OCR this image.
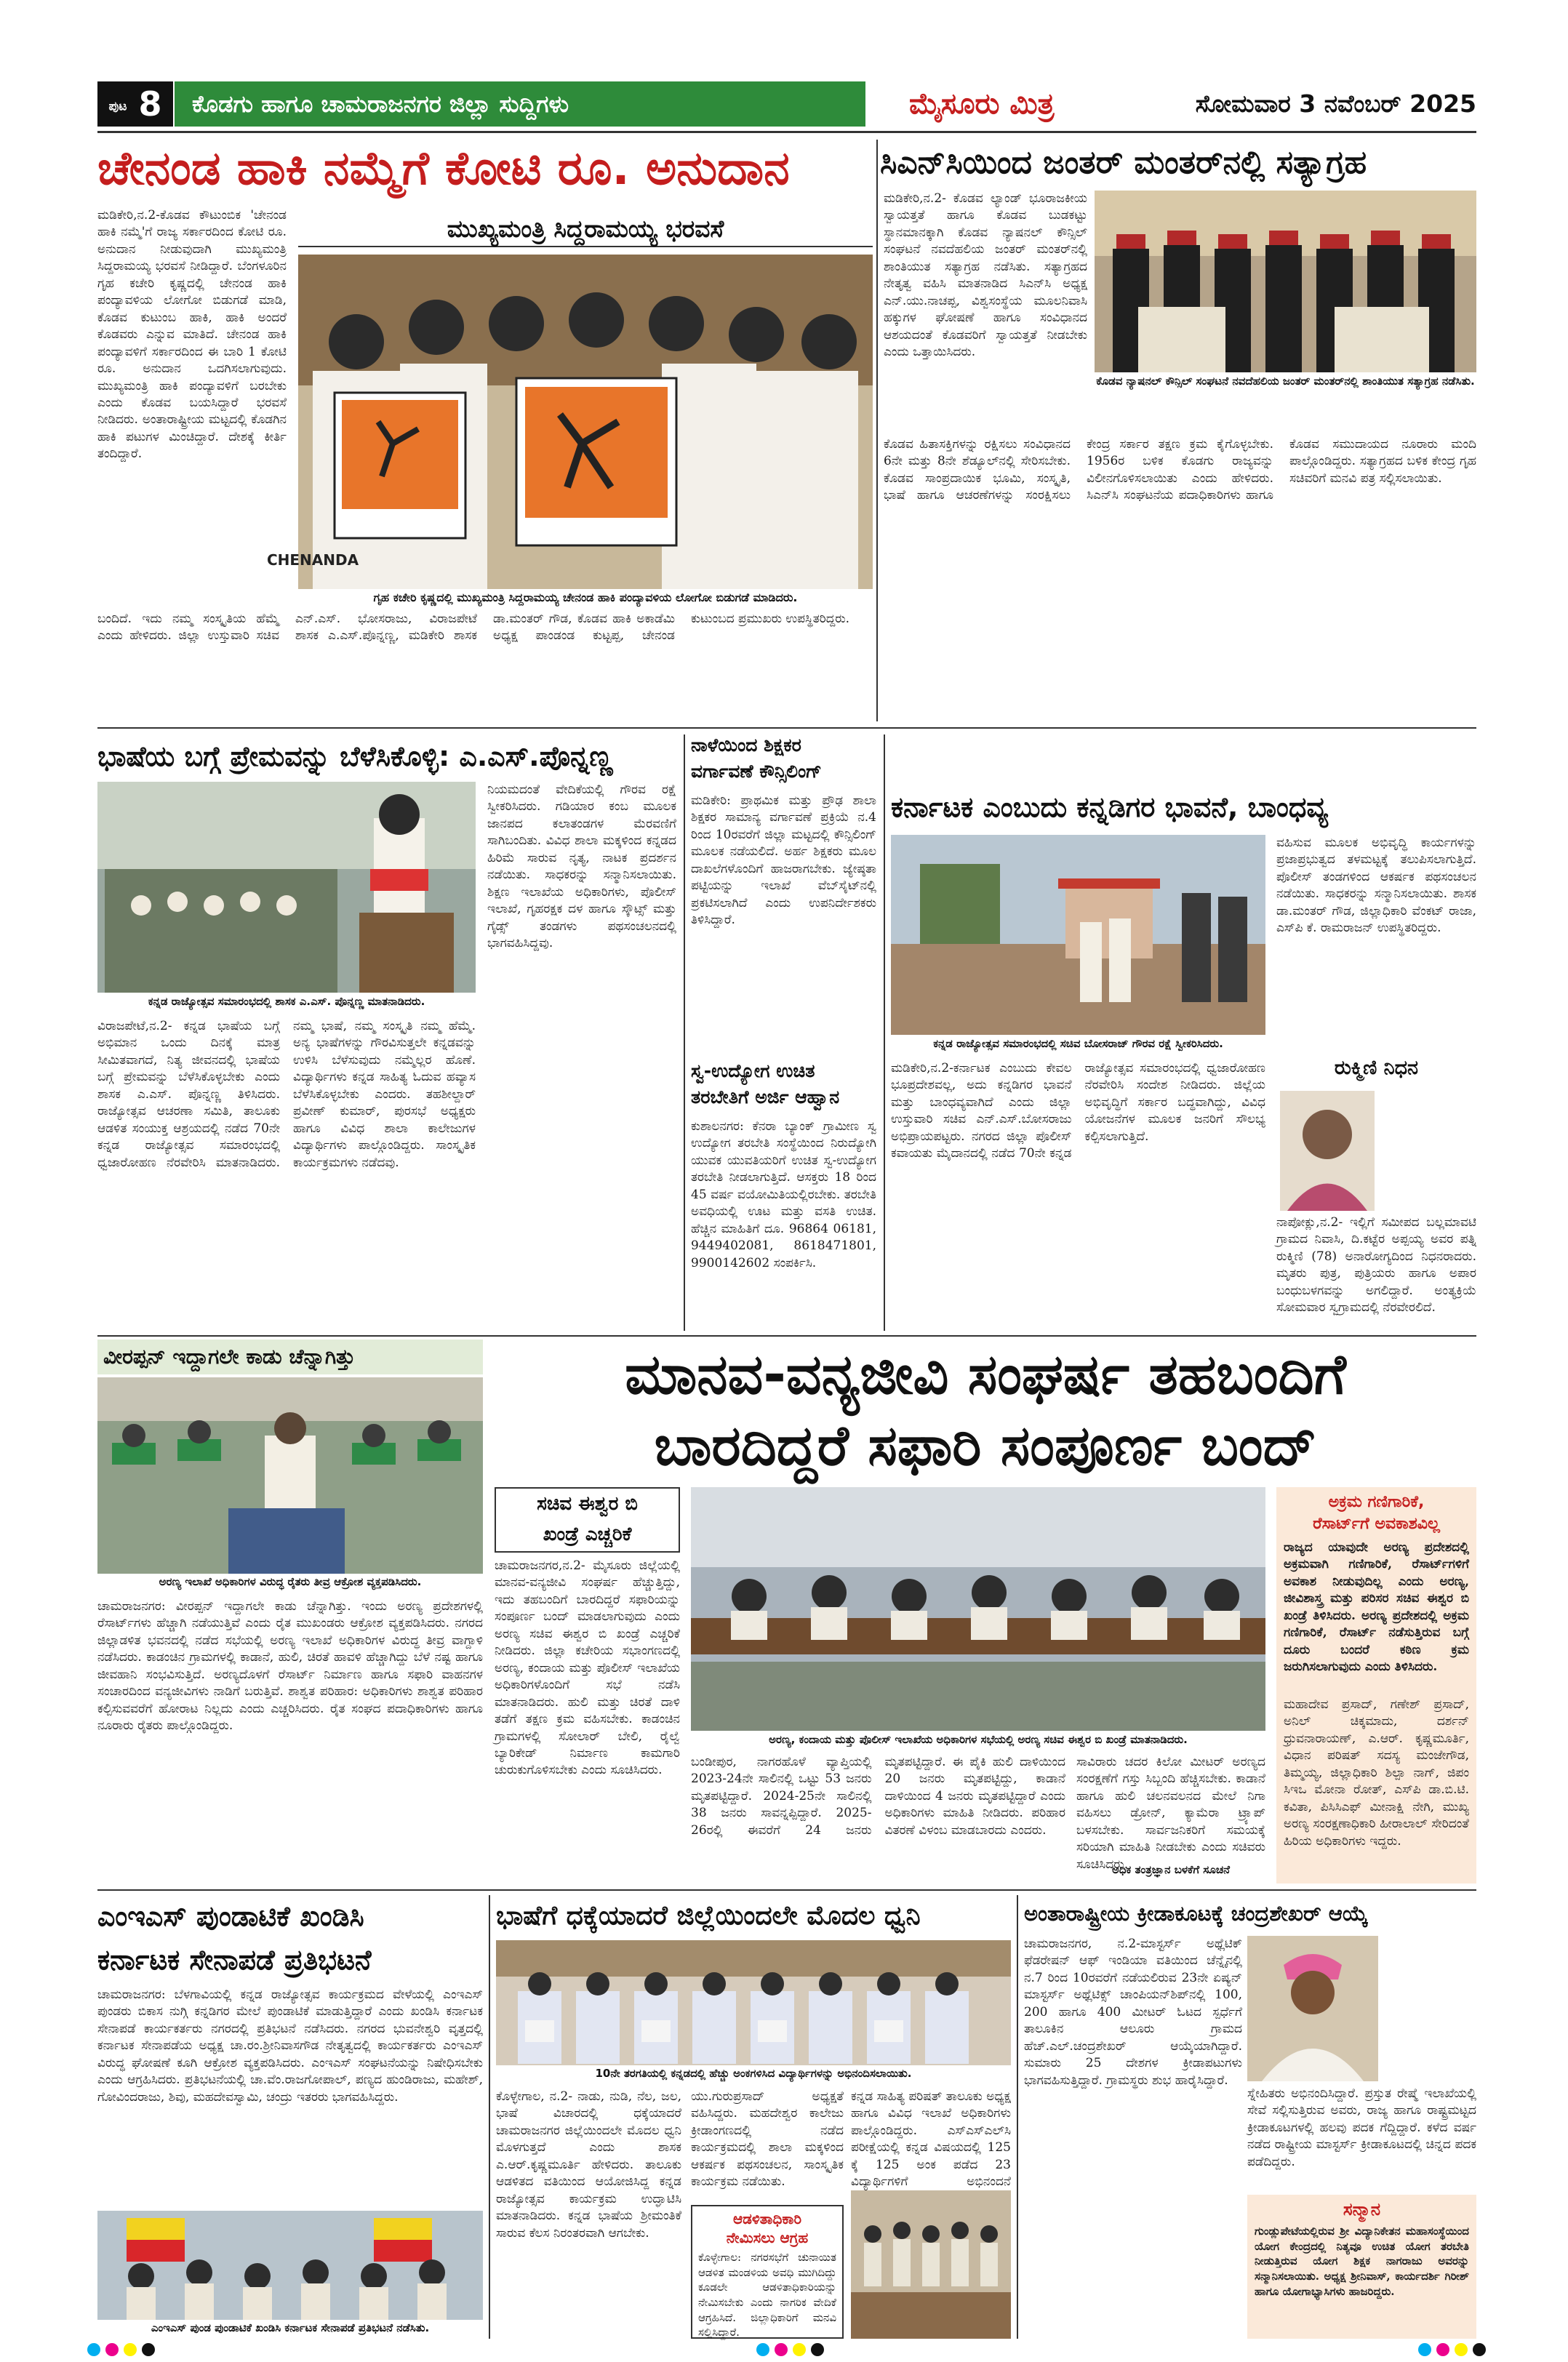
ಪುಟ 8	ಕೊಡಗು ಹಾಗೂ ಚಾಮರಾಜನಗರ ಜಿಲ್ಲಾ ಸುದ್ದಿಗಳು	ಮೈಸೂರು ಮಿತ್ರ	ಸೋಮವಾರ 3 ನವೆಂಬರ್ 2025
ಚೇನಂಡ ಹಾಕಿ ನಮ್ಮೆಗೆ ಕೋಟಿ ರೂ. ಅನುದಾನ
ಮಡಿಕೇರಿ,ನ.2-ಕೊಡವ ಕೌಟುಂಬಿಕ 'ಚೇನಂಡ ಹಾಕಿ ನಮ್ಮೆ'ಗೆ ರಾಜ್ಯ ಸರ್ಕಾರದಿಂದ ಕೋಟಿ ರೂ. ಅನುದಾನ ನೀಡುವುದಾಗಿ ಮುಖ್ಯಮಂತ್ರಿ ಸಿದ್ದರಾಮಯ್ಯ ಭರವಸೆ ನೀಡಿದ್ದಾರೆ. ಬೆಂಗಳೂರಿನ ಗೃಹ ಕಚೇರಿ ಕೃಷ್ಣದಲ್ಲಿ ಚೇನಂಡ ಹಾಕಿ ಪಂದ್ಯಾವಳಿಯ ಲೋಗೋ ಬಿಡುಗಡೆ ಮಾಡಿ, ಕೊಡವ ಕುಟುಂಬ ಹಾಕಿ, ಹಾಕಿ ಅಂದರೆ ಕೊಡವರು ಎನ್ನುವ ಮಾತಿದೆ. ಚೇನಂಡ ಹಾಕಿ ಪಂದ್ಯಾವಳಿಗೆ ಸರ್ಕಾರದಿಂದ ಈ ಬಾರಿ 1 ಕೋಟಿ ರೂ. ಅನುದಾನ ಒದಗಿಸಲಾಗುವುದು. ಮುಖ್ಯಮಂತ್ರಿ ಹಾಕಿ ಪಂದ್ಯಾವಳಿಗೆ ಬರಬೇಕು ಎಂದು ಕೊಡವ ಬಯಸಿದ್ದಾರೆ ಭರವಸೆ ನೀಡಿದರು. ಅಂತಾರಾಷ್ಟ್ರೀಯ ಮಟ್ಟದಲ್ಲಿ ಕೊಡಗಿನ ಹಾಕಿ ಪಟುಗಳ ಮಿಂಚಿದ್ದಾರೆ. ದೇಶಕ್ಕೆ ಕೀರ್ತಿ ತಂದಿದ್ದಾರೆ.
ಮುಖ್ಯಮಂತ್ರಿ ಸಿದ್ದರಾಮಯ್ಯ ಭರವಸೆ
CHENANDA
ಗೃಹ ಕಚೇರಿ ಕೃಷ್ಣದಲ್ಲಿ ಮುಖ್ಯಮಂತ್ರಿ ಸಿದ್ದರಾಮಯ್ಯ ಚೇನಂಡ ಹಾಕಿ ಪಂದ್ಯಾವಳಿಯ ಲೋಗೋ ಬಿಡುಗಡೆ ಮಾಡಿದರು.
ಬಂದಿದೆ. ಇದು ನಮ್ಮ ಸಂಸ್ಕೃತಿಯ ಹೆಮ್ಮೆ ಎಂದು ಹೇಳಿದರು. ಜಿಲ್ಲಾ ಉಸ್ತುವಾರಿ ಸಚಿವ ಎನ್.ಎಸ್. ಭೋಸರಾಜು, ವಿರಾಜಪೇಟೆ ಶಾಸಕ ಎ.ಎಸ್.ಪೊನ್ನಣ್ಣ, ಮಡಿಕೇರಿ ಶಾಸಕ ಡಾ.ಮಂತರ್ ಗೌಡ, ಕೊಡವ ಹಾಕಿ ಅಕಾಡೆಮಿ ಅಧ್ಯಕ್ಷ ಪಾಂಡಂಡ ಕುಟ್ಟಪ್ಪ, ಚೇನಂಡ ಕುಟುಂಬದ ಪ್ರಮುಖರು ಉಪಸ್ಥಿತರಿದ್ದರು.
ಸಿಎನ್‌ಸಿಯಿಂದ ಜಂತರ್ ಮಂತರ್‌ನಲ್ಲಿ ಸತ್ಯಾಗ್ರಹ
ಮಡಿಕೇರಿ,ನ.2- ಕೊಡವ ಲ್ಯಾಂಡ್ ಭೂರಾಜಕೀಯ ಸ್ವಾಯತ್ತತೆ ಹಾಗೂ ಕೊಡವ ಬುಡಕಟ್ಟು ಸ್ಥಾನಮಾನಕ್ಕಾಗಿ ಕೊಡವ ನ್ಯಾಷನಲ್ ಕೌನ್ಸಿಲ್ ಸಂಘಟನೆ ನವದೆಹಲಿಯ ಜಂತರ್ ಮಂತರ್‌ನಲ್ಲಿ ಶಾಂತಿಯುತ ಸತ್ಯಾಗ್ರಹ ನಡೆಸಿತು. ಸತ್ಯಾಗ್ರಹದ ನೇತೃತ್ವ ವಹಿಸಿ ಮಾತನಾಡಿದ ಸಿಎನ್‌ಸಿ ಅಧ್ಯಕ್ಷ ಎನ್.ಯು.ನಾಚಪ್ಪ, ವಿಶ್ವಸಂಸ್ಥೆಯ ಮೂಲನಿವಾಸಿ ಹಕ್ಕುಗಳ ಘೋಷಣೆ ಹಾಗೂ ಸಂವಿಧಾನದ ಆಶಯದಂತೆ ಕೊಡವರಿಗೆ ಸ್ವಾಯತ್ತತೆ ನೀಡಬೇಕು ಎಂದು ಒತ್ತಾಯಿಸಿದರು.
ಕೊಡವ ನ್ಯಾಷನಲ್ ಕೌನ್ಸಿಲ್ ಸಂಘಟನೆ ನವದೆಹಲಿಯ ಜಂತರ್ ಮಂತರ್‌ನಲ್ಲಿ ಶಾಂತಿಯುತ ಸತ್ಯಾಗ್ರಹ ನಡೆಸಿತು.
ಕೊಡವ ಹಿತಾಸಕ್ತಿಗಳನ್ನು ರಕ್ಷಿಸಲು ಸಂವಿಧಾನದ 6ನೇ ಮತ್ತು 8ನೇ ಶೆಡ್ಯೂಲ್‌ನಲ್ಲಿ ಸೇರಿಸಬೇಕು. ಕೊಡವ ಸಾಂಪ್ರದಾಯಿಕ ಭೂಮಿ, ಸಂಸ್ಕೃತಿ, ಭಾಷೆ ಹಾಗೂ ಆಚರಣೆಗಳನ್ನು ಸಂರಕ್ಷಿಸಲು ಕೇಂದ್ರ ಸರ್ಕಾರ ತಕ್ಷಣ ಕ್ರಮ ಕೈಗೊಳ್ಳಬೇಕು. 1956ರ ಬಳಿಕ ಕೊಡಗು ರಾಜ್ಯವನ್ನು ವಿಲೀನಗೊಳಿಸಲಾಯಿತು ಎಂದು ಹೇಳಿದರು. ಸಿಎನ್‌ಸಿ ಸಂಘಟನೆಯ ಪದಾಧಿಕಾರಿಗಳು ಹಾಗೂ ಕೊಡವ ಸಮುದಾಯದ ನೂರಾರು ಮಂದಿ ಪಾಲ್ಗೊಂಡಿದ್ದರು. ಸತ್ಯಾಗ್ರಹದ ಬಳಿಕ ಕೇಂದ್ರ ಗೃಹ ಸಚಿವರಿಗೆ ಮನವಿ ಪತ್ರ ಸಲ್ಲಿಸಲಾಯಿತು.
ಭಾಷೆಯ ಬಗ್ಗೆ ಪ್ರೇಮವನ್ನು ಬೆಳೆಸಿಕೊಳ್ಳಿ: ಎ.ಎಸ್.ಪೊನ್ನಣ್ಣ
ಕನ್ನಡ ರಾಜ್ಯೋತ್ಸವ ಸಮಾರಂಭದಲ್ಲಿ ಶಾಸಕ ಎ.ಎಸ್. ಪೊನ್ನಣ್ಣ ಮಾತನಾಡಿದರು.
ವಿರಾಜಪೇಟೆ,ನ.2- ಕನ್ನಡ ಭಾಷೆಯ ಬಗ್ಗೆ ಅಭಿಮಾನ ಒಂದು ದಿನಕ್ಕೆ ಮಾತ್ರ ಸೀಮಿತವಾಗದೆ, ನಿತ್ಯ ಜೀವನದಲ್ಲಿ ಭಾಷೆಯ ಬಗ್ಗೆ ಪ್ರೇಮವನ್ನು ಬೆಳೆಸಿಕೊಳ್ಳಬೇಕು ಎಂದು ಶಾಸಕ ಎ.ಎಸ್. ಪೊನ್ನಣ್ಣ ತಿಳಿಸಿದರು. ರಾಜ್ಯೋತ್ಸವ ಆಚರಣಾ ಸಮಿತಿ, ತಾಲೂಕು ಆಡಳಿತ ಸಂಯುಕ್ತ ಆಶ್ರಯದಲ್ಲಿ ನಡೆದ 70ನೇ ಕನ್ನಡ ರಾಜ್ಯೋತ್ಸವ ಸಮಾರಂಭದಲ್ಲಿ ಧ್ವಜಾರೋಹಣ ನೆರವೇರಿಸಿ ಮಾತನಾಡಿದರು. ನಮ್ಮ ಭಾಷೆ, ನಮ್ಮ ಸಂಸ್ಕೃತಿ ನಮ್ಮ ಹೆಮ್ಮೆ. ಅನ್ಯ ಭಾಷೆಗಳನ್ನು ಗೌರವಿಸುತ್ತಲೇ ಕನ್ನಡವನ್ನು ಉಳಿಸಿ ಬೆಳೆಸುವುದು ನಮ್ಮೆಲ್ಲರ ಹೊಣೆ. ವಿದ್ಯಾರ್ಥಿಗಳು ಕನ್ನಡ ಸಾಹಿತ್ಯ ಓದುವ ಹವ್ಯಾಸ ಬೆಳೆಸಿಕೊಳ್ಳಬೇಕು ಎಂದರು. ತಹಶೀಲ್ದಾರ್ ಪ್ರವೀಣ್ ಕುಮಾರ್, ಪುರಸಭೆ ಅಧ್ಯಕ್ಷರು ಹಾಗೂ ವಿವಿಧ ಶಾಲಾ ಕಾಲೇಜುಗಳ ವಿದ್ಯಾರ್ಥಿಗಳು ಪಾಲ್ಗೊಂಡಿದ್ದರು. ಸಾಂಸ್ಕೃತಿಕ ಕಾರ್ಯಕ್ರಮಗಳು ನಡೆದವು.
ನಿಯಮದಂತೆ ವೇದಿಕೆಯಲ್ಲಿ ಗೌರವ ರಕ್ಷೆ ಸ್ವೀಕರಿಸಿದರು. ಗಡಿಯಾರ ಕಂಬ ಮೂಲಕ ಜಾನಪದ ಕಲಾತಂಡಗಳ ಮೆರವಣಿಗೆ ಸಾಗಿಬಂದಿತು. ವಿವಿಧ ಶಾಲಾ ಮಕ್ಕಳಿಂದ ಕನ್ನಡದ ಹಿರಿಮೆ ಸಾರುವ ನೃತ್ಯ, ನಾಟಕ ಪ್ರದರ್ಶನ ನಡೆಯಿತು. ಸಾಧಕರನ್ನು ಸನ್ಮಾನಿಸಲಾಯಿತು. ಶಿಕ್ಷಣ ಇಲಾಖೆಯ ಅಧಿಕಾರಿಗಳು, ಪೊಲೀಸ್ ಇಲಾಖೆ, ಗೃಹರಕ್ಷಕ ದಳ ಹಾಗೂ ಸ್ಕೌಟ್ಸ್ ಮತ್ತು ಗೈಡ್ಸ್ ತಂಡಗಳು ಪಥಸಂಚಲನದಲ್ಲಿ ಭಾಗವಹಿಸಿದ್ದವು.
ನಾಳೆಯಿಂದ ಶಿಕ್ಷಕರ
ವರ್ಗಾವಣೆ ಕೌನ್ಸಿಲಿಂಗ್
ಮಡಿಕೇರಿ: ಪ್ರಾಥಮಿಕ ಮತ್ತು ಪ್ರೌಢ ಶಾಲಾ ಶಿಕ್ಷಕರ ಸಾಮಾನ್ಯ ವರ್ಗಾವಣೆ ಪ್ರಕ್ರಿಯೆ ನ.4 ರಿಂದ 10ರವರೆಗೆ ಜಿಲ್ಲಾ ಮಟ್ಟದಲ್ಲಿ ಕೌನ್ಸಿಲಿಂಗ್ ಮೂಲಕ ನಡೆಯಲಿದೆ. ಅರ್ಹ ಶಿಕ್ಷಕರು ಮೂಲ ದಾಖಲೆಗಳೊಂದಿಗೆ ಹಾಜರಾಗಬೇಕು. ಜ್ಯೇಷ್ಠತಾ ಪಟ್ಟಿಯನ್ನು ಇಲಾಖೆ ವೆಬ್‌ಸೈಟ್‌ನಲ್ಲಿ ಪ್ರಕಟಿಸಲಾಗಿದೆ ಎಂದು ಉಪನಿರ್ದೇಶಕರು ತಿಳಿಸಿದ್ದಾರೆ.
ಸ್ವ-ಉದ್ಯೋಗ ಉಚಿತ
ತರಬೇತಿಗೆ ಅರ್ಜಿ ಆಹ್ವಾನ
ಕುಶಾಲನಗರ: ಕೆನರಾ ಬ್ಯಾಂಕ್ ಗ್ರಾಮೀಣ ಸ್ವ ಉದ್ಯೋಗ ತರಬೇತಿ ಸಂಸ್ಥೆಯಿಂದ ನಿರುದ್ಯೋಗಿ ಯುವಕ ಯುವತಿಯರಿಗೆ ಉಚಿತ ಸ್ವ-ಉದ್ಯೋಗ ತರಬೇತಿ ನೀಡಲಾಗುತ್ತಿದೆ. ಆಸಕ್ತರು 18 ರಿಂದ 45 ವರ್ಷ ವಯೋಮಿತಿಯಲ್ಲಿರಬೇಕು. ತರಬೇತಿ ಅವಧಿಯಲ್ಲಿ ಊಟ ಮತ್ತು ವಸತಿ ಉಚಿತ. ಹೆಚ್ಚಿನ ಮಾಹಿತಿಗೆ ದೂ. 96864 06181, 9449402081, 8618471801, 9900142602 ಸಂಪರ್ಕಿಸಿ.
ಕರ್ನಾಟಕ ಎಂಬುದು ಕನ್ನಡಿಗರ ಭಾವನೆ, ಬಾಂಧವ್ಯ
ಕನ್ನಡ ರಾಜ್ಯೋತ್ಸವ ಸಮಾರಂಭದಲ್ಲಿ ಸಚಿವ ಬೋಸರಾಜ್ ಗೌರವ ರಕ್ಷೆ ಸ್ವೀಕರಿಸಿದರು.
ಮಡಿಕೇರಿ,ನ.2-ಕರ್ನಾಟಕ ಎಂಬುದು ಕೇವಲ ಭೂಪ್ರದೇಶವಲ್ಲ, ಅದು ಕನ್ನಡಿಗರ ಭಾವನೆ ಮತ್ತು ಬಾಂಧವ್ಯವಾಗಿದೆ ಎಂದು ಜಿಲ್ಲಾ ಉಸ್ತುವಾರಿ ಸಚಿವ ಎನ್.ಎಸ್.ಬೋಸರಾಜು ಅಭಿಪ್ರಾಯಪಟ್ಟರು. ನಗರದ ಜಿಲ್ಲಾ ಪೊಲೀಸ್ ಕವಾಯತು ಮೈದಾನದಲ್ಲಿ ನಡೆದ 70ನೇ ಕನ್ನಡ ರಾಜ್ಯೋತ್ಸವ ಸಮಾರಂಭದಲ್ಲಿ ಧ್ವಜಾರೋಹಣ ನೆರವೇರಿಸಿ ಸಂದೇಶ ನೀಡಿದರು. ಜಿಲ್ಲೆಯ ಅಭಿವೃದ್ಧಿಗೆ ಸರ್ಕಾರ ಬದ್ಧವಾಗಿದ್ದು, ವಿವಿಧ ಯೋಜನೆಗಳ ಮೂಲಕ ಜನರಿಗೆ ಸೌಲಭ್ಯ ಕಲ್ಪಿಸಲಾಗುತ್ತಿದೆ.
ವಹಿಸುವ ಮೂಲಕ ಅಭಿವೃದ್ಧಿ ಕಾರ್ಯಗಳನ್ನು ಪ್ರಜಾಪ್ರಭುತ್ವದ ತಳಮಟ್ಟಕ್ಕೆ ತಲುಪಿಸಲಾಗುತ್ತಿದೆ. ಪೊಲೀಸ್ ತಂಡಗಳಿಂದ ಆಕರ್ಷಕ ಪಥಸಂಚಲನ ನಡೆಯಿತು. ಸಾಧಕರನ್ನು ಸನ್ಮಾನಿಸಲಾಯಿತು. ಶಾಸಕ ಡಾ.ಮಂತರ್ ಗೌಡ, ಜಿಲ್ಲಾಧಿಕಾರಿ ವೆಂಕಟ್ ರಾಜಾ, ಎಸ್‌ಪಿ ಕೆ. ರಾಮರಾಜನ್ ಉಪಸ್ಥಿತರಿದ್ದರು.
ರುಕ್ಮಿಣಿ ನಿಧನ
ನಾಪೋಕ್ಲು,ನ.2- ಇಲ್ಲಿಗೆ ಸಮೀಪದ ಬಲ್ಲಮಾವಟಿ ಗ್ರಾಮದ ನಿವಾಸಿ, ದಿ.ಕಟ್ಟೆರ ಅಪ್ಪಯ್ಯ ಅವರ ಪತ್ನಿ ರುಕ್ಮಿಣಿ (78) ಅನಾರೋಗ್ಯದಿಂದ ನಿಧನರಾದರು. ಮೃತರು ಪುತ್ರ, ಪುತ್ರಿಯರು ಹಾಗೂ ಅಪಾರ ಬಂಧುಬಳಗವನ್ನು ಅಗಲಿದ್ದಾರೆ. ಅಂತ್ಯಕ್ರಿಯೆ ಸೋಮವಾರ ಸ್ವಗ್ರಾಮದಲ್ಲಿ ನೆರವೇರಲಿದೆ.
ವೀರಪ್ಪನ್ ಇದ್ದಾಗಲೇ ಕಾಡು ಚೆನ್ನಾಗಿತ್ತು
ಅರಣ್ಯ ಇಲಾಖೆ ಅಧಿಕಾರಿಗಳ ವಿರುದ್ಧ ರೈತರು ತೀವ್ರ ಆಕ್ರೋಶ ವ್ಯಕ್ತಪಡಿಸಿದರು.
ಚಾಮರಾಜನಗರ: ವೀರಪ್ಪನ್ ಇದ್ದಾಗಲೇ ಕಾಡು ಚೆನ್ನಾಗಿತ್ತು. ಇಂದು ಅರಣ್ಯ ಪ್ರದೇಶಗಳಲ್ಲಿ ರೆಸಾರ್ಟ್‌ಗಳು ಹೆಚ್ಚಾಗಿ ನಡೆಯುತ್ತಿವೆ ಎಂದು ರೈತ ಮುಖಂಡರು ಆಕ್ರೋಶ ವ್ಯಕ್ತಪಡಿಸಿದರು. ನಗರದ ಜಿಲ್ಲಾಡಳಿತ ಭವನದಲ್ಲಿ ನಡೆದ ಸಭೆಯಲ್ಲಿ ಅರಣ್ಯ ಇಲಾಖೆ ಅಧಿಕಾರಿಗಳ ವಿರುದ್ಧ ತೀವ್ರ ವಾಗ್ದಾಳಿ ನಡೆಸಿದರು. ಕಾಡಂಚಿನ ಗ್ರಾಮಗಳಲ್ಲಿ ಕಾಡಾನೆ, ಹುಲಿ, ಚಿರತೆ ಹಾವಳಿ ಹೆಚ್ಚಾಗಿದ್ದು ಬೆಳೆ ನಷ್ಟ ಹಾಗೂ ಜೀವಹಾನಿ ಸಂಭವಿಸುತ್ತಿದೆ. ಅರಣ್ಯದೊಳಗೆ ರೆಸಾರ್ಟ್ ನಿರ್ಮಾಣ ಹಾಗೂ ಸಫಾರಿ ವಾಹನಗಳ ಸಂಚಾರದಿಂದ ವನ್ಯಜೀವಿಗಳು ನಾಡಿಗೆ ಬರುತ್ತಿವೆ. ಶಾಶ್ವತ ಪರಿಹಾರ: ಅಧಿಕಾರಿಗಳು ಶಾಶ್ವತ ಪರಿಹಾರ ಕಲ್ಪಿಸುವವರೆಗೆ ಹೋರಾಟ ನಿಲ್ಲದು ಎಂದು ಎಚ್ಚರಿಸಿದರು. ರೈತ ಸಂಘದ ಪದಾಧಿಕಾರಿಗಳು ಹಾಗೂ ನೂರಾರು ರೈತರು ಪಾಲ್ಗೊಂಡಿದ್ದರು.
ಮಾನವ-ವನ್ಯಜೀವಿ ಸಂಘರ್ಷ ತಹಬಂದಿಗೆ
ಬಾರದಿದ್ದರೆ ಸಫಾರಿ ಸಂಪೂರ್ಣ ಬಂದ್
ಸಚಿವ ಈಶ್ವರ ಬಿ
ಖಂಡ್ರೆ ಎಚ್ಚರಿಕೆ
ಚಾಮರಾಜನಗರ,ನ.2- ಮೈಸೂರು ಜಿಲ್ಲೆಯಲ್ಲಿ ಮಾನವ-ವನ್ಯಜೀವಿ ಸಂಘರ್ಷ ಹೆಚ್ಚುತ್ತಿದ್ದು, ಇದು ತಹಬಂದಿಗೆ ಬಾರದಿದ್ದರೆ ಸಫಾರಿಯನ್ನು ಸಂಪೂರ್ಣ ಬಂದ್ ಮಾಡಲಾಗುವುದು ಎಂದು ಅರಣ್ಯ ಸಚಿವ ಈಶ್ವರ ಬಿ ಖಂಡ್ರೆ ಎಚ್ಚರಿಕೆ ನೀಡಿದರು. ಜಿಲ್ಲಾ ಕಚೇರಿಯ ಸಭಾಂಗಣದಲ್ಲಿ ಅರಣ್ಯ, ಕಂದಾಯ ಮತ್ತು ಪೊಲೀಸ್ ಇಲಾಖೆಯ ಅಧಿಕಾರಿಗಳೊಂದಿಗೆ ಸಭೆ ನಡೆಸಿ ಮಾತನಾಡಿದರು. ಹುಲಿ ಮತ್ತು ಚಿರತೆ ದಾಳಿ ತಡೆಗೆ ತಕ್ಷಣ ಕ್ರಮ ವಹಿಸಬೇಕು. ಕಾಡಂಚಿನ ಗ್ರಾಮಗಳಲ್ಲಿ ಸೋಲಾರ್ ಬೇಲಿ, ರೈಲ್ವೆ ಬ್ಯಾರಿಕೇಡ್ ನಿರ್ಮಾಣ ಕಾಮಗಾರಿ ಚುರುಕುಗೊಳಿಸಬೇಕು ಎಂದು ಸೂಚಿಸಿದರು.
ಅರಣ್ಯ, ಕಂದಾಯ ಮತ್ತು ಪೊಲೀಸ್ ಇಲಾಖೆಯ ಅಧಿಕಾರಿಗಳ ಸಭೆಯಲ್ಲಿ ಅರಣ್ಯ ಸಚಿವ ಈಶ್ವರ ಬಿ ಖಂಡ್ರೆ ಮಾತನಾಡಿದರು.
ಬಂಡೀಪುರ, ನಾಗರಹೊಳೆ ವ್ಯಾಪ್ತಿಯಲ್ಲಿ 2023-24ನೇ ಸಾಲಿನಲ್ಲಿ ಒಟ್ಟು 53 ಜನರು ಮೃತಪಟ್ಟಿದ್ದಾರೆ. 2024-25ನೇ ಸಾಲಿನಲ್ಲಿ 38 ಜನರು ಸಾವನ್ನಪ್ಪಿದ್ದಾರೆ. 2025-26ರಲ್ಲಿ ಈವರೆಗೆ 24 ಜನರು ಮೃತಪಟ್ಟಿದ್ದಾರೆ. ಈ ಪೈಕಿ ಹುಲಿ ದಾಳಿಯಿಂದ 20 ಜನರು ಮೃತಪಟ್ಟಿದ್ದು, ಕಾಡಾನೆ ದಾಳಿಯಿಂದ 4 ಜನರು ಮೃತಪಟ್ಟಿದ್ದಾರೆ ಎಂದು ಅಧಿಕಾರಿಗಳು ಮಾಹಿತಿ ನೀಡಿದರು. ಪರಿಹಾರ ವಿತರಣೆ ವಿಳಂಬ ಮಾಡಬಾರದು ಎಂದರು.
ಸಾವಿರಾರು ಚದರ ಕಿಲೋ ಮೀಟರ್ ಅರಣ್ಯದ ಸಂರಕ್ಷಣೆಗೆ ಗಸ್ತು ಸಿಬ್ಬಂದಿ ಹೆಚ್ಚಿಸಬೇಕು. ಕಾಡಾನೆ ಹಾಗೂ ಹುಲಿ ಚಲನವಲನದ ಮೇಲೆ ನಿಗಾ ವಹಿಸಲು ಡ್ರೋನ್, ಕ್ಯಾಮೆರಾ ಟ್ರ್ಯಾಪ್ ಬಳಸಬೇಕು. ಸಾರ್ವಜನಿಕರಿಗೆ ಸಮಯಕ್ಕೆ ಸರಿಯಾಗಿ ಮಾಹಿತಿ ನೀಡಬೇಕು ಎಂದು ಸಚಿವರು ಸೂಚಿಸಿದರು.
ಅಧಿಕ ತಂತ್ರಜ್ಞಾನ ಬಳಕೆಗೆ ಸೂಚನೆ
ಅಕ್ರಮ ಗಣಿಗಾರಿಕೆ,
ರೆಸಾರ್ಟ್‌ಗೆ ಅವಕಾಶವಿಲ್ಲ
ರಾಜ್ಯದ ಯಾವುದೇ ಅರಣ್ಯ ಪ್ರದೇಶದಲ್ಲಿ ಅಕ್ರಮವಾಗಿ ಗಣಿಗಾರಿಕೆ, ರೆಸಾರ್ಟ್‌ಗಳಿಗೆ ಅವಕಾಶ ನೀಡುವುದಿಲ್ಲ ಎಂದು ಅರಣ್ಯ, ಜೀವಿಶಾಸ್ತ್ರ ಮತ್ತು ಪರಿಸರ ಸಚಿವ ಈಶ್ವರ ಬಿ ಖಂಡ್ರೆ ತಿಳಿಸಿದರು. ಅರಣ್ಯ ಪ್ರದೇಶದಲ್ಲಿ ಅಕ್ರಮ ಗಣಿಗಾರಿಕೆ, ರೆಸಾರ್ಟ್ ನಡೆಸುತ್ತಿರುವ ಬಗ್ಗೆ ದೂರು ಬಂದರೆ ಕಠಿಣ ಕ್ರಮ ಜರುಗಿಸಲಾಗುವುದು ಎಂದು ತಿಳಿಸಿದರು.
ಮಹಾದೇವ ಪ್ರಸಾದ್, ಗಣೇಶ್ ಪ್ರಸಾದ್, ಅನಿಲ್ ಚಿಕ್ಕಮಾದು, ದರ್ಶನ್ ಧ್ರುವನಾರಾಯಣ್, ಎ.ಆರ್. ಕೃಷ್ಣಮೂರ್ತಿ, ವಿಧಾನ ಪರಿಷತ್ ಸದಸ್ಯ ಮಂಜೇಗೌಡ, ತಿಮ್ಮಯ್ಯ, ಜಿಲ್ಲಾಧಿಕಾರಿ ಶಿಲ್ಪಾ ನಾಗ್, ಜಿಪಂ ಸಿಇಒ ಮೋನಾ ರೋತ್, ಎಸ್‌ಪಿ ಡಾ.ಬಿ.ಟಿ. ಕವಿತಾ, ಪಿಸಿಸಿಎಫ್ ಮೀನಾಕ್ಷಿ ನೇಗಿ, ಮುಖ್ಯ ಅರಣ್ಯ ಸಂರಕ್ಷಣಾಧಿಕಾರಿ ಹೀರಾಲಾಲ್ ಸೇರಿದಂತೆ ಹಿರಿಯ ಅಧಿಕಾರಿಗಳು ಇದ್ದರು.
ಎಂಇಎಸ್ ಪುಂಡಾಟಿಕೆ ಖಂಡಿಸಿ
ಕರ್ನಾಟಕ ಸೇನಾಪಡೆ ಪ್ರತಿಭಟನೆ
ಚಾಮರಾಜನಗರ: ಬೆಳಗಾವಿಯಲ್ಲಿ ಕನ್ನಡ ರಾಜ್ಯೋತ್ಸವ ಕಾರ್ಯಕ್ರಮದ ವೇಳೆಯಲ್ಲಿ ಎಂಇಎಸ್ ಪುಂಡರು ಬಿಕಾಸ ನುಗ್ಗಿ ಕನ್ನಡಿಗರ ಮೇಲೆ ಪುಂಡಾಟಿಕೆ ಮಾಡುತ್ತಿದ್ದಾರೆ ಎಂದು ಖಂಡಿಸಿ ಕರ್ನಾಟಕ ಸೇನಾಪಡೆ ಕಾರ್ಯಕರ್ತರು ನಗರದಲ್ಲಿ ಪ್ರತಿಭಟನೆ ನಡೆಸಿದರು. ನಗರದ ಭುವನೇಶ್ವರಿ ವೃತ್ತದಲ್ಲಿ ಕರ್ನಾಟಕ ಸೇನಾಪಡೆಯ ಅಧ್ಯಕ್ಷ ಚಾ.ರಂ.ಶ್ರೀನಿವಾಸಗೌಡ ನೇತೃತ್ವದಲ್ಲಿ ಕಾರ್ಯಕರ್ತರು ಎಂಇಎಸ್ ವಿರುದ್ಧ ಘೋಷಣೆ ಕೂಗಿ ಆಕ್ರೋಶ ವ್ಯಕ್ತಪಡಿಸಿದರು. ಎಂಇಎಸ್ ಸಂಘಟನೆಯನ್ನು ನಿಷೇಧಿಸಬೇಕು ಎಂದು ಆಗ್ರಹಿಸಿದರು. ಪ್ರತಿಭಟನೆಯಲ್ಲಿ ಚಾ.ವೆಂ.ರಾಜಗೋಪಾಲ್, ಪಣ್ಯದ ಹುಂಡಿರಾಜು, ಮಹೇಶ್, ಗೋವಿಂದರಾಜು, ಶಿವು, ಮಹದೇವಸ್ವಾಮಿ, ಚಂದ್ರು ಇತರರು ಭಾಗವಹಿಸಿದ್ದರು.
ಎಂಇಎಸ್ ಪುಂಡ ಪುಂಡಾಟಿಕೆ ಖಂಡಿಸಿ ಕರ್ನಾಟಕ ಸೇನಾಪಡೆ ಪ್ರತಿಭಟನೆ ನಡೆಸಿತು.
ಭಾಷೆಗೆ ಧಕ್ಕೆಯಾದರೆ ಜಿಲ್ಲೆಯಿಂದಲೇ ಮೊದಲ ಧ್ವನಿ
10ನೇ ತರಗತಿಯಲ್ಲಿ ಕನ್ನಡದಲ್ಲಿ ಹೆಚ್ಚು ಅಂಕಗಳಿಸಿದ ವಿದ್ಯಾರ್ಥಿಗಳನ್ನು ಅಭಿನಂದಿಸಲಾಯಿತು.
ಕೊಳ್ಳೇಗಾಲ, ನ.2- ನಾಡು, ನುಡಿ, ನೆಲ, ಜಲ, ಭಾಷೆ ವಿಚಾರದಲ್ಲಿ ಧಕ್ಕೆಯಾದರೆ ಚಾಮರಾಜನಗರ ಜಿಲ್ಲೆಯಿಂದಲೇ ಮೊದಲ ಧ್ವನಿ ಮೊಳಗುತ್ತದೆ ಎಂದು ಶಾಸಕ ಎ.ಆರ್.ಕೃಷ್ಣಮೂರ್ತಿ ಹೇಳಿದರು. ತಾಲೂಕು ಆಡಳಿತದ ವತಿಯಿಂದ ಆಯೋಜಿಸಿದ್ದ ಕನ್ನಡ ರಾಜ್ಯೋತ್ಸವ ಕಾರ್ಯಕ್ರಮ ಉದ್ಘಾಟಿಸಿ ಮಾತನಾಡಿದರು. ಕನ್ನಡ ಭಾಷೆಯ ಶ್ರೀಮಂತಿಕೆ ಸಾರುವ ಕೆಲಸ ನಿರಂತರವಾಗಿ ಆಗಬೇಕು.
ಯು.ಗುರುಪ್ರಸಾದ್ ಅಧ್ಯಕ್ಷತೆ ವಹಿಸಿದ್ದರು. ಮಹದೇಶ್ವರ ಕಾಲೇಜು ಕ್ರೀಡಾಂಗಣದಲ್ಲಿ ನಡೆದ ಕಾರ್ಯಕ್ರಮದಲ್ಲಿ ಶಾಲಾ ಮಕ್ಕಳಿಂದ ಆಕರ್ಷಕ ಪಥಸಂಚಲನ, ಸಾಂಸ್ಕೃತಿಕ ಕಾರ್ಯಕ್ರಮ ನಡೆಯಿತು.
ಆಡಳಿತಾಧಿಕಾರಿ
ನೇಮಿಸಲು ಆಗ್ರಹ
ಕೊಳ್ಳೇಗಾಲ: ನಗರಸಭೆಗೆ ಚುನಾಯಿತ ಆಡಳಿತ ಮಂಡಳಿಯ ಅವಧಿ ಮುಗಿದಿದ್ದು ಕೂಡಲೇ ಆಡಳಿತಾಧಿಕಾರಿಯನ್ನು ನೇಮಿಸಬೇಕು ಎಂದು ನಾಗರಿಕ ವೇದಿಕೆ ಆಗ್ರಹಿಸಿದೆ. ಜಿಲ್ಲಾಧಿಕಾರಿಗೆ ಮನವಿ ಸಲ್ಲಿಸಿದ್ದಾರೆ.
ಕನ್ನಡ ಸಾಹಿತ್ಯ ಪರಿಷತ್ ತಾಲೂಕು ಅಧ್ಯಕ್ಷ ಹಾಗೂ ವಿವಿಧ ಇಲಾಖೆ ಅಧಿಕಾರಿಗಳು ಪಾಲ್ಗೊಂಡಿದ್ದರು. ಎಸ್‌ಎಸ್‌ಎಲ್‌ಸಿ ಪರೀಕ್ಷೆಯಲ್ಲಿ ಕನ್ನಡ ವಿಷಯದಲ್ಲಿ 125 ಕ್ಕೆ 125 ಅಂಕ ಪಡೆದ 23 ವಿದ್ಯಾರ್ಥಿಗಳಿಗೆ ಅಭಿನಂದನೆ
ಅಂತಾರಾಷ್ಟ್ರೀಯ ಕ್ರೀಡಾಕೂಟಕ್ಕೆ ಚಂದ್ರಶೇಖರ್ ಆಯ್ಕೆ
ಚಾಮರಾಜನಗರ, ನ.2-ಮಾಸ್ಟರ್ಸ್ ಅಥ್ಲೆಟಿಕ್ ಫೆಡರೇಷನ್ ಆಫ್ ಇಂಡಿಯಾ ವತಿಯಿಂದ ಚೆನ್ನೈನಲ್ಲಿ ನ.7 ರಿಂದ 10ರವರೆಗೆ ನಡೆಯಲಿರುವ 23ನೇ ಏಷ್ಯನ್ ಮಾಸ್ಟರ್ಸ್ ಅಥ್ಲೆಟಿಕ್ಸ್ ಚಾಂಪಿಯನ್‌ಶಿಪ್‌ನಲ್ಲಿ 100, 200 ಹಾಗೂ 400 ಮೀಟರ್ ಓಟದ ಸ್ಪರ್ಧೆಗೆ ತಾಲೂಕಿನ ಆಲೂರು ಗ್ರಾಮದ ಹೆಚ್.ಎಲ್.ಚಂದ್ರಶೇಖರ್ ಆಯ್ಕೆಯಾಗಿದ್ದಾರೆ. ಸುಮಾರು 25 ದೇಶಗಳ ಕ್ರೀಡಾಪಟುಗಳು ಭಾಗವಹಿಸುತ್ತಿದ್ದಾರೆ. ಗ್ರಾಮಸ್ಥರು ಶುಭ ಹಾರೈಸಿದ್ದಾರೆ.
ಸ್ನೇಹಿತರು ಅಭಿನಂದಿಸಿದ್ದಾರೆ. ಪ್ರಸ್ತುತ ರೇಷ್ಮೆ ಇಲಾಖೆಯಲ್ಲಿ ಸೇವೆ ಸಲ್ಲಿಸುತ್ತಿರುವ ಅವರು, ರಾಜ್ಯ ಹಾಗೂ ರಾಷ್ಟ್ರಮಟ್ಟದ ಕ್ರೀಡಾಕೂಟಗಳಲ್ಲಿ ಹಲವು ಪದಕ ಗೆದ್ದಿದ್ದಾರೆ. ಕಳೆದ ವರ್ಷ ನಡೆದ ರಾಷ್ಟ್ರೀಯ ಮಾಸ್ಟರ್ಸ್ ಕ್ರೀಡಾಕೂಟದಲ್ಲಿ ಚಿನ್ನದ ಪದಕ ಪಡೆದಿದ್ದರು.
ಸನ್ಮಾನ
ಗುಂಡ್ಲುಪೇಟೆಯಲ್ಲಿರುವ ಶ್ರೀ ವಿದ್ಯಾನಿಕೇತನ ಮಹಾಸಂಸ್ಥೆಯಿಂದ ಯೋಗ ಕೇಂದ್ರದಲ್ಲಿ ನಿತ್ಯವೂ ಉಚಿತ ಯೋಗ ತರಬೇತಿ ನೀಡುತ್ತಿರುವ ಯೋಗ ಶಿಕ್ಷಕ ನಾಗರಾಜು ಅವರನ್ನು ಸನ್ಮಾನಿಸಲಾಯಿತು. ಅಧ್ಯಕ್ಷ ಶ್ರೀನಿವಾಸ್, ಕಾರ್ಯದರ್ಶಿ ಗಿರೀಶ್ ಹಾಗೂ ಯೋಗಾಭ್ಯಾಸಿಗಳು ಹಾಜರಿದ್ದರು.
